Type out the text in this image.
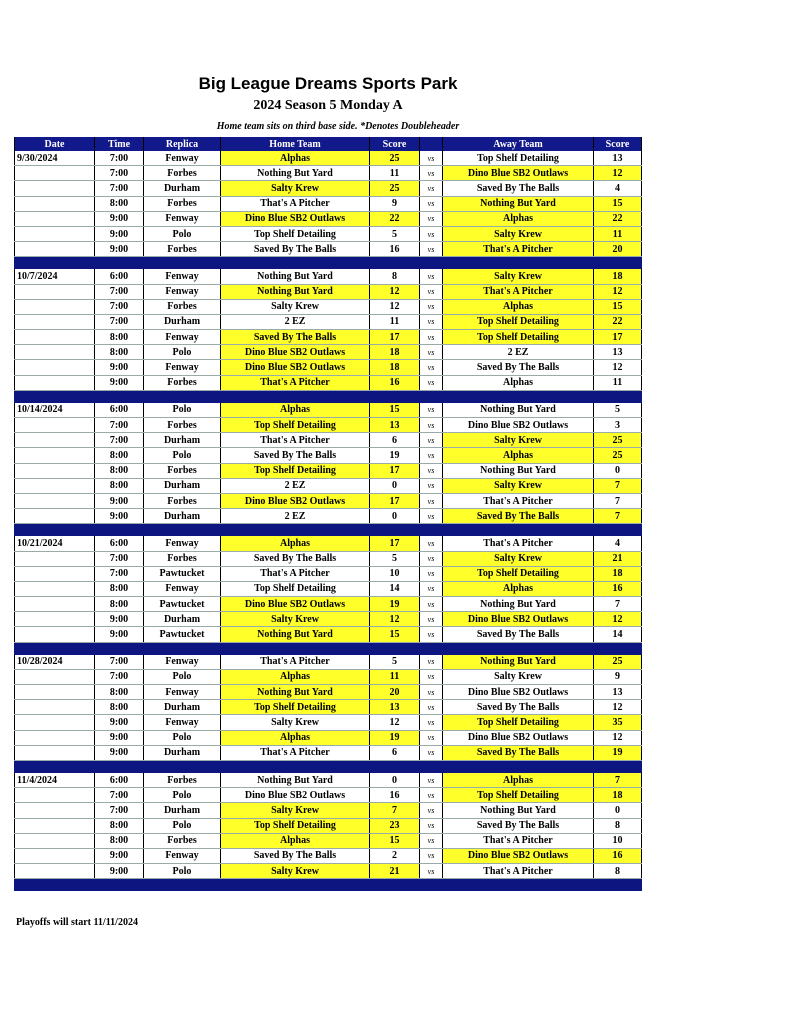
Big League Dreams Sports Park
2024 Season 5 Monday A
Home team sits on third base side. *Denotes Doubleheader
Date	Time	Replica	Home Team	Score		Away Team	Score
9/30/2024	7:00	Fenway	Alphas	25	vs	Top Shelf Detailing	13
	7:00	Forbes	Nothing But Yard	11	vs	Dino Blue SB2 Outlaws	12
	7:00	Durham	Salty Krew	25	vs	Saved By The Balls	4
	8:00	Forbes	That's A Pitcher	9	vs	Nothing But Yard	15
	9:00	Fenway	Dino Blue SB2 Outlaws	22	vs	Alphas	22
	9:00	Polo	Top Shelf Detailing	5	vs	Salty Krew	11
	9:00	Forbes	Saved By The Balls	16	vs	That's A Pitcher	20

10/7/2024	6:00	Fenway	Nothing But Yard	8	vs	Salty Krew	18
	7:00	Fenway	Nothing But Yard	12	vs	That's A Pitcher	12
	7:00	Forbes	Salty Krew	12	vs	Alphas	15
	7:00	Durham	2 EZ	11	vs	Top Shelf Detailing	22
	8:00	Fenway	Saved By The Balls	17	vs	Top Shelf Detailing	17
	8:00	Polo	Dino Blue SB2 Outlaws	18	vs	2 EZ	13
	9:00	Fenway	Dino Blue SB2 Outlaws	18	vs	Saved By The Balls	12
	9:00	Forbes	That's A Pitcher	16	vs	Alphas	11

10/14/2024	6:00	Polo	Alphas	15	vs	Nothing But Yard	5
	7:00	Forbes	Top Shelf Detailing	13	vs	Dino Blue SB2 Outlaws	3
	7:00	Durham	That's A Pitcher	6	vs	Salty Krew	25
	8:00	Polo	Saved By The Balls	19	vs	Alphas	25
	8:00	Forbes	Top Shelf Detailing	17	vs	Nothing But Yard	0
	8:00	Durham	2 EZ	0	vs	Salty Krew	7
	9:00	Forbes	Dino Blue SB2 Outlaws	17	vs	That's A Pitcher	7
	9:00	Durham	2 EZ	0	vs	Saved By The Balls	7

10/21/2024	6:00	Fenway	Alphas	17	vs	That's A Pitcher	4
	7:00	Forbes	Saved By The Balls	5	vs	Salty Krew	21
	7:00	Pawtucket	That's A Pitcher	10	vs	Top Shelf Detailing	18
	8:00	Fenway	Top Shelf Detailing	14	vs	Alphas	16
	8:00	Pawtucket	Dino Blue SB2 Outlaws	19	vs	Nothing But Yard	7
	9:00	Durham	Salty Krew	12	vs	Dino Blue SB2 Outlaws	12
	9:00	Pawtucket	Nothing But Yard	15	vs	Saved By The Balls	14

10/28/2024	7:00	Fenway	That's A Pitcher	5	vs	Nothing But Yard	25
	7:00	Polo	Alphas	11	vs	Salty Krew	9
	8:00	Fenway	Nothing But Yard	20	vs	Dino Blue SB2 Outlaws	13
	8:00	Durham	Top Shelf Detailing	13	vs	Saved By The Balls	12
	9:00	Fenway	Salty Krew	12	vs	Top Shelf Detailing	35
	9:00	Polo	Alphas	19	vs	Dino Blue SB2 Outlaws	12
	9:00	Durham	That's A Pitcher	6	vs	Saved By The Balls	19

11/4/2024	6:00	Forbes	Nothing But Yard	0	vs	Alphas	7
	7:00	Polo	Dino Blue SB2 Outlaws	16	vs	Top Shelf Detailing	18
	7:00	Durham	Salty Krew	7	vs	Nothing But Yard	0
	8:00	Polo	Top Shelf Detailing	23	vs	Saved By The Balls	8
	8:00	Forbes	Alphas	15	vs	That's A Pitcher	10
	9:00	Fenway	Saved By The Balls	2	vs	Dino Blue SB2 Outlaws	16
	9:00	Polo	Salty Krew	21	vs	That's A Pitcher	8

Playoffs will start 11/11/2024
